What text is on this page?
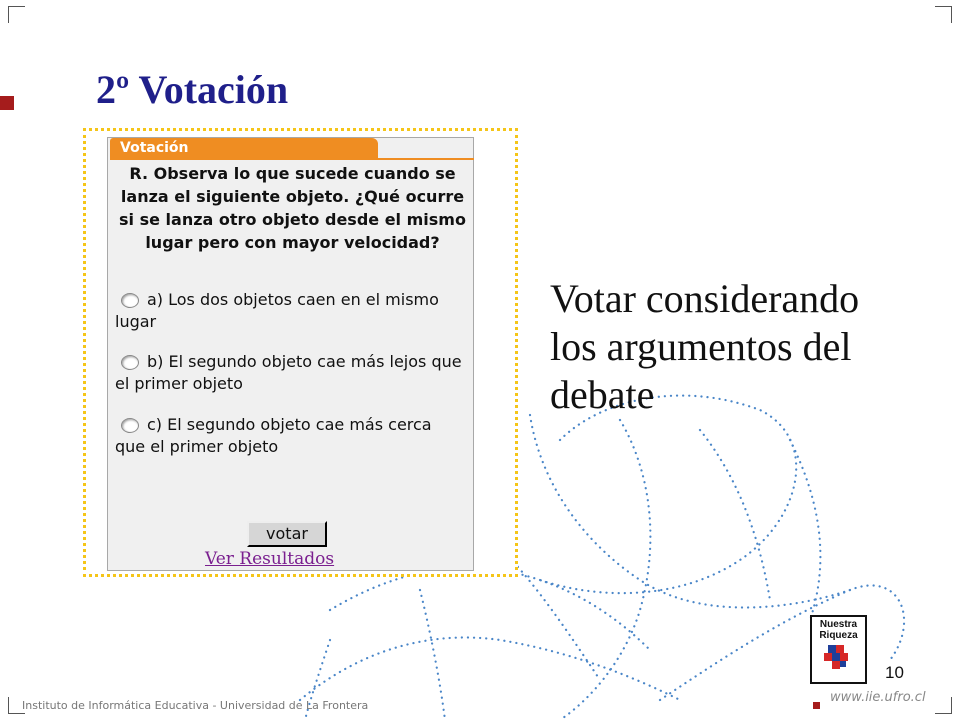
2º Votación
Votación
R. Observa lo que sucede cuando se lanza el siguiente objeto. ¿Qué ocurre si se lanza otro objeto desde el mismo lugar pero con mayor velocidad?
a) Los dos objetos caen en el mismo lugar
b) El segundo objeto cae más lejos que el primer objeto
c) El segundo objeto cae más cerca que el primer objeto
votar
Ver Resultados

Votar considerando los argumentos del debate

Nuestra Riqueza
10
www.iie.ufro.cl
Instituto de Informática Educativa - Universidad de La Frontera
